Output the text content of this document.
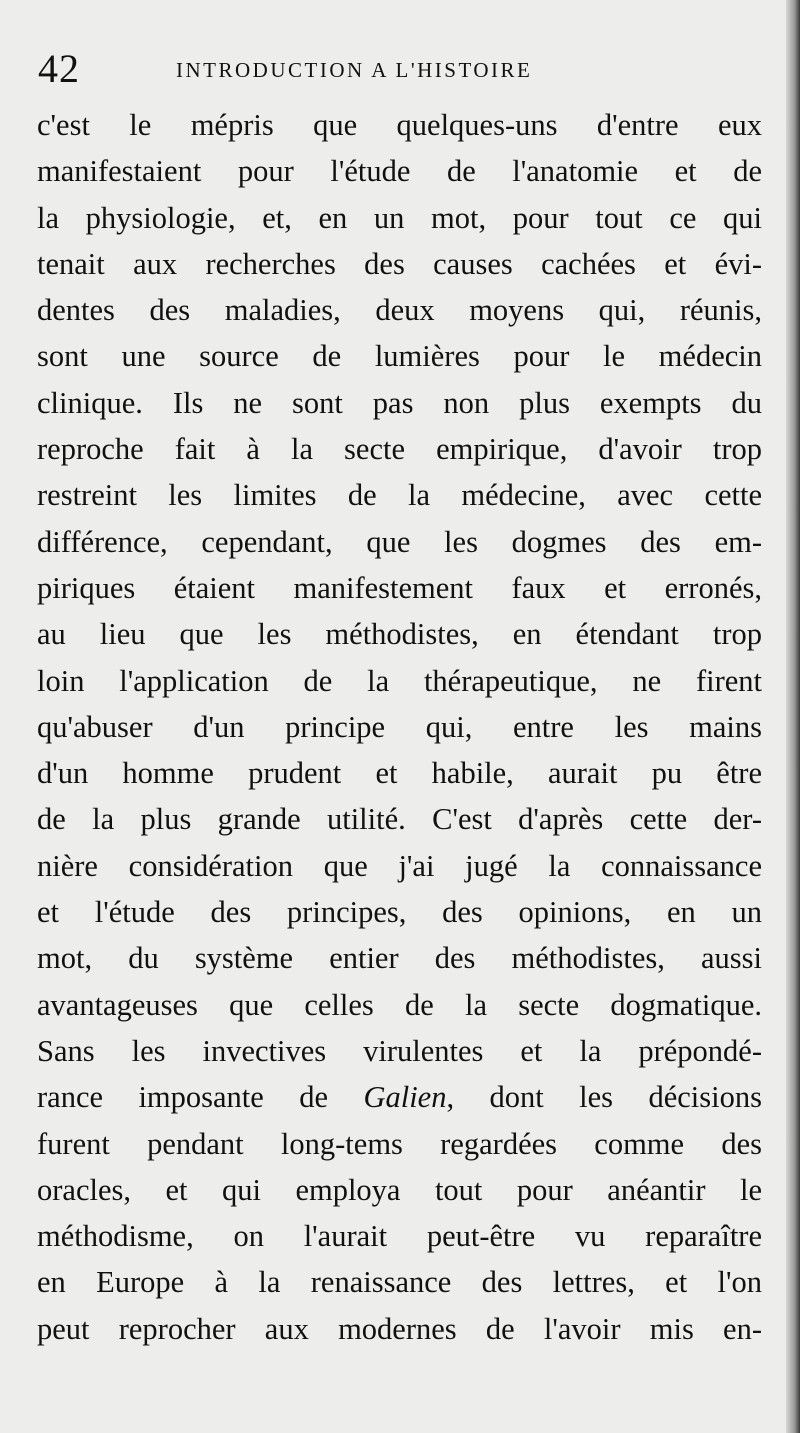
42	INTRODUCTION A L'HISTOIRE
c'est le mépris que quelques-uns d'entre eux
manifestaient pour l'étude de l'anatomie et de
la physiologie, et, en un mot, pour tout ce qui
tenait aux recherches des causes cachées et évi-
dentes des maladies, deux moyens qui, réunis,
sont une source de lumières pour le médecin
clinique. Ils ne sont pas non plus exempts du
reproche fait à la secte empirique, d'avoir trop
restreint les limites de la médecine, avec cette
différence, cependant, que les dogmes des em-
piriques étaient manifestement faux et erronés,
au lieu que les méthodistes, en étendant trop
loin l'application de la thérapeutique, ne firent
qu'abuser d'un principe qui, entre les mains
d'un homme prudent et habile, aurait pu être
de la plus grande utilité. C'est d'après cette der-
nière considération que j'ai jugé la connaissance
et l'étude des principes, des opinions, en un
mot, du système entier des méthodistes, aussi
avantageuses que celles de la secte dogmatique.
Sans les invectives virulentes et la prépondé-
rance imposante de Galien, dont les décisions
furent pendant long-tems regardées comme des
oracles, et qui employa tout pour anéantir le
méthodisme, on l'aurait peut-être vu reparaître
en Europe à la renaissance des lettres, et l'on
peut reprocher aux modernes de l'avoir mis en-
